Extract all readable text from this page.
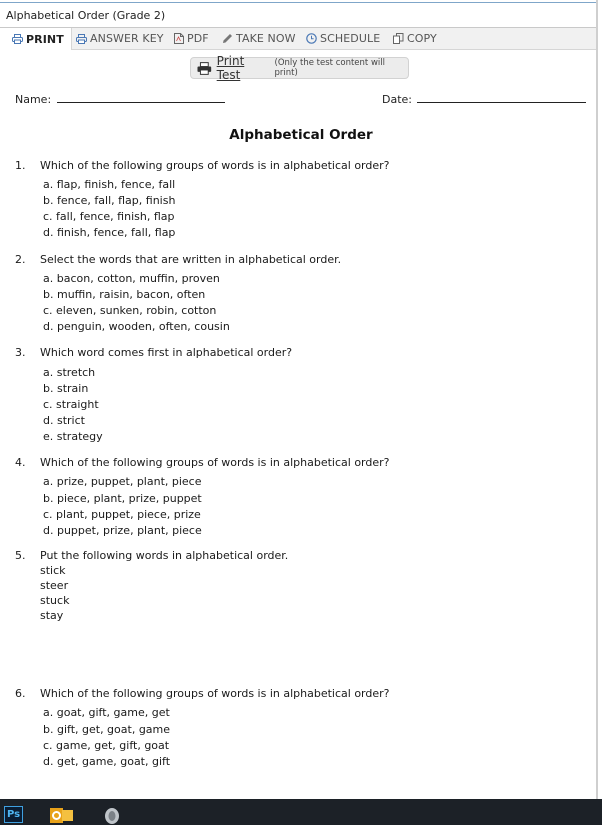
Alphabetical Order (Grade 2)
PRINT ANSWER KEY PDF TAKE NOW SCHEDULE COPY
Print Test
(Only the test content will print)
Name:	Date:
Alphabetical Order
1. Which of the following groups of words is in alphabetical order?
a. flap, finish, fence, fall
b. fence, fall, flap, finish
c. fall, fence, finish, flap
d. finish, fence, fall, flap
2. Select the words that are written in alphabetical order.
a. bacon, cotton, muffin, proven
b. muffin, raisin, bacon, often
c. eleven, sunken, robin, cotton
d. penguin, wooden, often, cousin
3. Which word comes first in alphabetical order?
a. stretch
b. strain
c. straight
d. strict
e. strategy
4. Which of the following groups of words is in alphabetical order?
a. prize, puppet, plant, piece
b. piece, plant, prize, puppet
c. plant, puppet, piece, prize
d. puppet, prize, plant, piece
5. Put the following words in alphabetical order.
stick
steer
stuck
stay
6. Which of the following groups of words is in alphabetical order?
a. goat, gift, game, get
b. gift, get, goat, game
c. game, get, gift, goat
d. get, game, goat, gift
Ps
